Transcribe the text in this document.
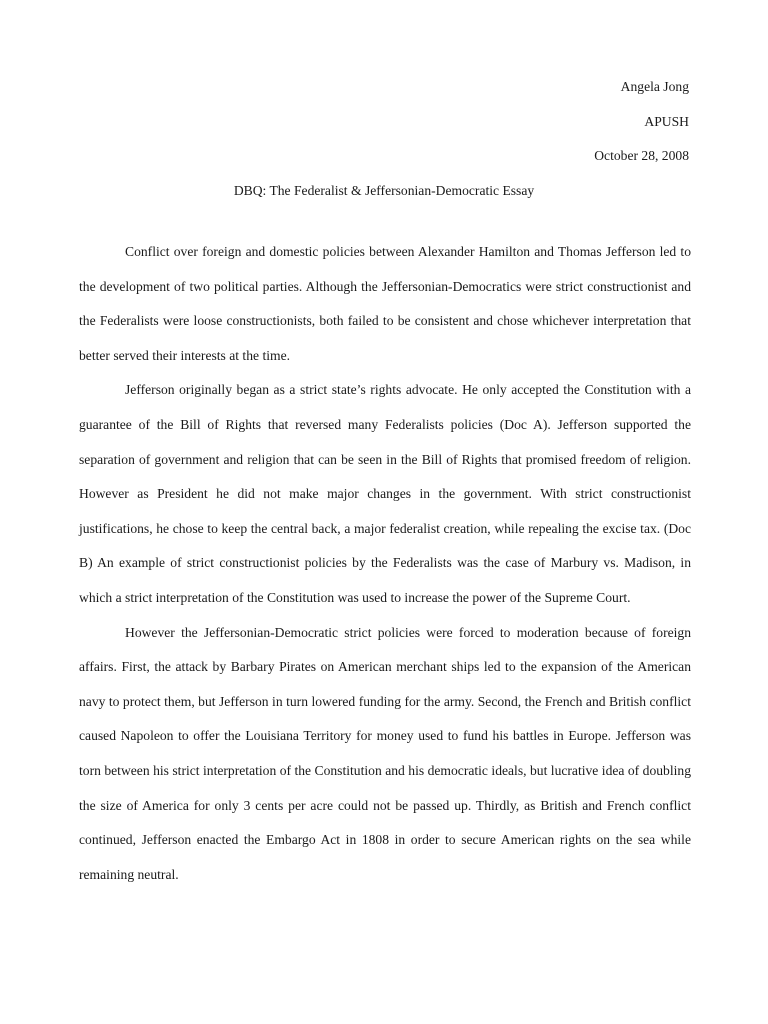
Angela Jong
APUSH
October 28, 2008
DBQ: The Federalist & Jeffersonian-Democratic Essay

Conflict over foreign and domestic policies between Alexander Hamilton and Thomas Jefferson led to the development of two political parties. Although the Jeffersonian-Democratics were strict constructionist and the Federalists were loose constructionists, both failed to be consistent and chose whichever interpretation that better served their interests at the time.

Jefferson originally began as a strict state’s rights advocate. He only accepted the Constitution with a guarantee of the Bill of Rights that reversed many Federalists policies (Doc A). Jefferson supported the separation of government and religion that can be seen in the Bill of Rights that promised freedom of religion. However as President he did not make major changes in the government. With strict constructionist justifications, he chose to keep the central back, a major federalist creation, while repealing the excise tax. (Doc B) An example of strict constructionist policies by the Federalists was the case of Marbury vs. Madison, in which a strict interpretation of the Constitution was used to increase the power of the Supreme Court.

However the Jeffersonian-Democratic strict policies were forced to moderation because of foreign affairs. First, the attack by Barbary Pirates on American merchant ships led to the expansion of the American navy to protect them, but Jefferson in turn lowered funding for the army. Second, the French and British conflict caused Napoleon to offer the Louisiana Territory for money used to fund his battles in Europe. Jefferson was torn between his strict interpretation of the Constitution and his democratic ideals, but lucrative idea of doubling the size of America for only 3 cents per acre could not be passed up. Thirdly, as British and French conflict continued, Jefferson enacted the Embargo Act in 1808 in order to secure American rights on the sea while remaining neutral.
